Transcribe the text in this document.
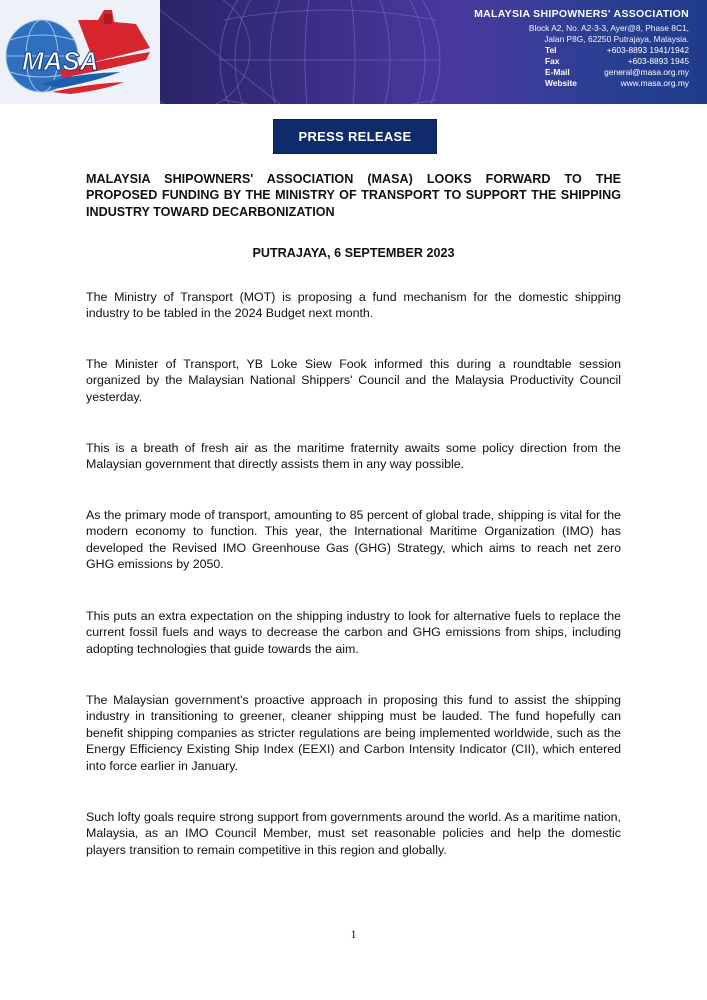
MASA
MALAYSIA SHIPOWNERS' ASSOCIATION
Block A2, No. A2-3-3, Ayer@8, Phase 8C1,
Jalan P8G, 62250 Putrajaya, Malaysia.
Tel	+603-8893 1941/1942
Fax	+603-8893 1945
E-Mail	general@masa.org.my
Website	www.masa.org.my
PRESS RELEASE
MALAYSIA SHIPOWNERS' ASSOCIATION (MASA) LOOKS FORWARD TO THE PROPOSED FUNDING BY THE MINISTRY OF TRANSPORT TO SUPPORT THE SHIPPING INDUSTRY TOWARD DECARBONIZATION
PUTRAJAYA, 6 SEPTEMBER 2023

The Ministry of Transport (MOT) is proposing a fund mechanism for the domestic shipping industry to be tabled in the 2024 Budget next month.

The Minister of Transport, YB Loke Siew Fook informed this during a roundtable session organized by the Malaysian National Shippers' Council and the Malaysia Productivity Council yesterday.

This is a breath of fresh air as the maritime fraternity awaits some policy direction from the Malaysian government that directly assists them in any way possible.

As the primary mode of transport, amounting to 85 percent of global trade, shipping is vital for the modern economy to function. This year, the International Maritime Organization (IMO) has developed the Revised IMO Greenhouse Gas (GHG) Strategy, which aims to reach net zero GHG emissions by 2050.

This puts an extra expectation on the shipping industry to look for alternative fuels to replace the current fossil fuels and ways to decrease the carbon and GHG emissions from ships, including adopting technologies that guide towards the aim.

The Malaysian government's proactive approach in proposing this fund to assist the shipping industry in transitioning to greener, cleaner shipping must be lauded. The fund hopefully can benefit shipping companies as stricter regulations are being implemented worldwide, such as the Energy Efficiency Existing Ship Index (EEXI) and Carbon Intensity Indicator (CII), which entered into force earlier in January.

Such lofty goals require strong support from governments around the world. As a maritime nation, Malaysia, as an IMO Council Member, must set reasonable policies and help the domestic players transition to remain competitive in this region and globally.

1
